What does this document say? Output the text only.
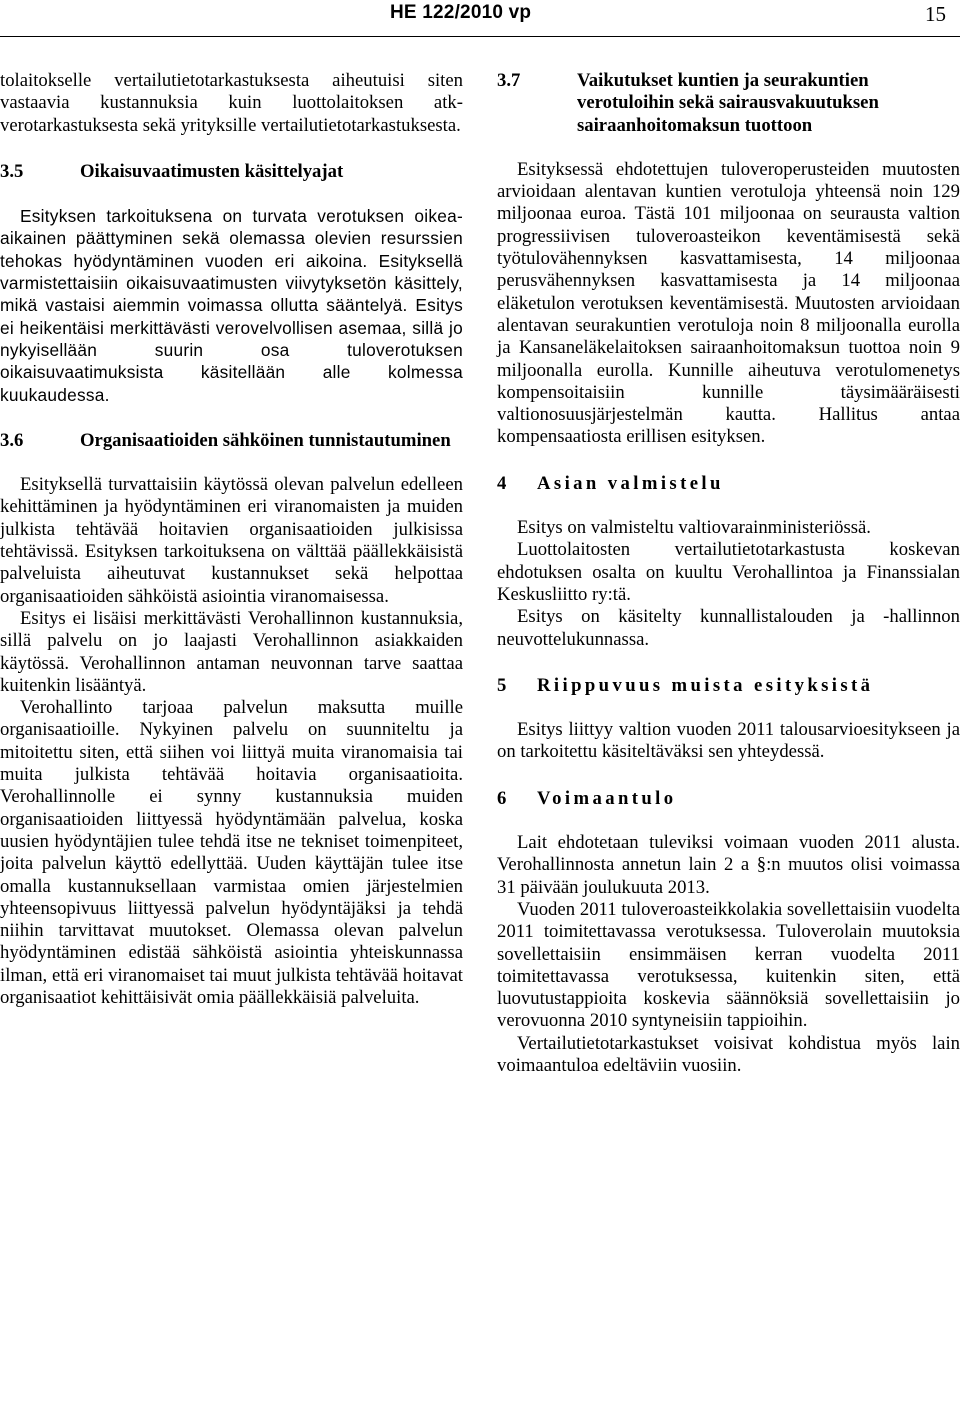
HE 122/2010 vp	15

tolaitokselle vertailutietotarkastuksesta aiheutuisi siten vastaavia kustannuksia kuin luottolaitoksen atk-verotarkastuksesta sekä yrityksille vertailutietotarkastuksesta.

3.5	Oikaisuvaatimusten käsittelyajat

Esityksen tarkoituksena on turvata verotuksen oikea-aikainen päättyminen sekä olemassa olevien resurssien tehokas hyödyntäminen vuoden eri aikoina. Esityksellä varmistettaisiin oikaisuvaatimusten viivytyksetön käsittely, mikä vastaisi aiemmin voimassa ollutta sääntelyä. Esitys ei heikentäisi merkittävästi verovelvollisen asemaa, sillä jo nykyisellään suurin osa tuloverotuksen oikaisuvaatimuksista käsitellään alle kolmessa kuukaudessa.

3.6	Organisaatioiden sähköinen tunnistautuminen

Esityksellä turvattaisiin käytössä olevan palvelun edelleen kehittäminen ja hyödyntäminen eri viranomaisten ja muiden julkista tehtävää hoitavien organisaatioiden julkisissa tehtävissä. Esityksen tarkoituksena on välttää päällekkäisistä palveluista aiheutuvat kustannukset sekä helpottaa organisaatioiden sähköistä asiointia viranomaisessa.

Esitys ei lisäisi merkittävästi Verohallinnon kustannuksia, sillä palvelu on jo laajasti Verohallinnon asiakkaiden käytössä. Verohallinnon antaman neuvonnan tarve saattaa kuitenkin lisääntyä.

Verohallinto tarjoaa palvelun maksutta muille organisaatioille. Nykyinen palvelu on suunniteltu ja mitoitettu siten, että siihen voi liittyä muita viranomaisia tai muita julkista tehtävää hoitavia organisaatioita. Verohallinnolle ei synny kustannuksia muiden organisaatioiden liittyessä hyödyntämään palvelua, koska uusien hyödyntäjien tulee tehdä itse ne tekniset toimenpiteet, joita palvelun käyttö edellyttää. Uuden käyttäjän tulee itse omalla kustannuksellaan varmistaa omien järjestelmien yhteensopivuus liittyessä palvelun hyödyntäjäksi ja tehdä niihin tarvittavat muutokset. Olemassa olevan palvelun hyödyntäminen edistää sähköistä asiointia yhteiskunnassa ilman, että eri viranomaiset tai muut julkista tehtävää hoitavat organisaatiot kehittäisivät omia päällekkäisiä palveluita.

3.7	Vaikutukset kuntien ja seurakuntien verotuloihin sekä sairausvakuutuksen sairaanhoitomaksun tuottoon

Esityksessä ehdotettujen tuloveroperusteiden muutosten arvioidaan alentavan kuntien verotuloja yhteensä noin 129 miljoonaa euroa. Tästä 101 miljoonaa on seurausta valtion progressiivisen tuloveroasteikon keventämisestä sekä työtulovähennyksen kasvattamisesta, 14 miljoonaa perusvähennyksen kasvattamisesta ja 14 miljoonaa eläketulon verotuksen keventämisestä. Muutosten arvioidaan alentavan seurakuntien verotuloja noin 8 miljoonalla eurolla ja Kansaneläkelaitoksen sairaanhoitomaksun tuottoa noin 9 miljoonalla eurolla. Kunnille aiheutuva verotulomenetys kompensoitaisiin kunnille täysimääräisesti valtionosuusjärjestelmän kautta. Hallitus antaa kompensaatiosta erillisen esityksen.

4	Asian valmistelu

Esitys on valmisteltu valtiovarainministeriössä.

Luottolaitosten vertailutietotarkastusta koskevan ehdotuksen osalta on kuultu Verohallintoa ja Finanssialan Keskusliitto ry:tä.

Esitys on käsitelty kunnallistalouden ja -hallinnon neuvottelukunnassa.

5	Riippuvuus muista esityksistä

Esitys liittyy valtion vuoden 2011 talousarvioesitykseen ja on tarkoitettu käsiteltäväksi sen yhteydessä.

6	Voimaantulo

Lait ehdotetaan tuleviksi voimaan vuoden 2011 alusta. Verohallinnosta annetun lain 2 a §:n muutos olisi voimassa 31 päivään joulukuuta 2013.

Vuoden 2011 tuloveroasteikkolakia sovellettaisiin vuodelta 2011 toimitettavassa verotuksessa. Tuloverolain muutoksia sovellettaisiin ensimmäisen kerran vuodelta 2011 toimitettavassa verotuksessa, kuitenkin siten, että luovutustappioita koskevia säännöksiä sovellettaisiin jo verovuonna 2010 syntyneisiin tappioihin.

Vertailutietotarkastukset voisivat kohdistua myös lain voimaantuloa edeltäviin vuosiin.
